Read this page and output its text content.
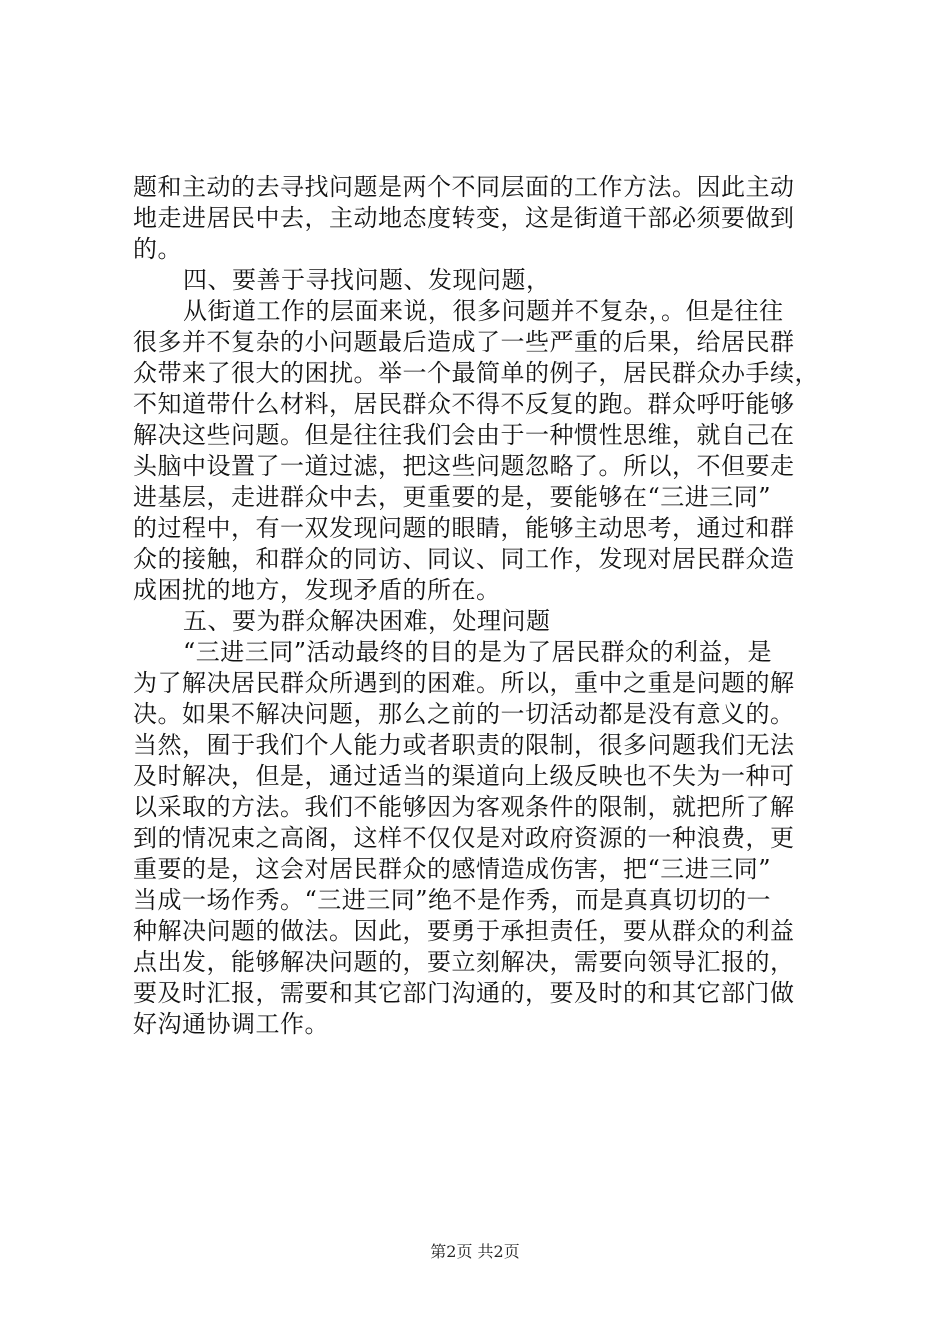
题和主动的去寻找问题是两个不同层面的工作方法。因此主动
地走进居民中去，主动地态度转变，这是街道干部必须要做到
的。
四、要善于寻找问题、发现问题，
从街道工作的层面来说，很多问题并不复杂，。但是往往
很多并不复杂的小问题最后造成了一些严重的后果，给居民群
众带来了很大的困扰。举一个最简单的例子，居民群众办手续，
不知道带什么材料，居民群众不得不反复的跑。群众呼吁能够
解决这些问题。但是往往我们会由于一种惯性思维，就自己在
头脑中设置了一道过滤，把这些问题忽略了。所以，不但要走
进基层，走进群众中去，更重要的是，要能够在“三进三同”
的过程中，有一双发现问题的眼睛，能够主动思考，通过和群
众的接触，和群众的同访、同议、同工作，发现对居民群众造
成困扰的地方，发现矛盾的所在。
五、要为群众解决困难，处理问题
“三进三同”活动最终的目的是为了居民群众的利益，是
为了解决居民群众所遇到的困难。所以，重中之重是问题的解
决。如果不解决问题，那么之前的一切活动都是没有意义的。
当然，囿于我们个人能力或者职责的限制，很多问题我们无法
及时解决，但是，通过适当的渠道向上级反映也不失为一种可
以采取的方法。我们不能够因为客观条件的限制，就把所了解
到的情况束之高阁，这样不仅仅是对政府资源的一种浪费，更
重要的是，这会对居民群众的感情造成伤害，把“三进三同”
当成一场作秀。“三进三同”绝不是作秀，而是真真切切的一
种解决问题的做法。因此，要勇于承担责任，要从群众的利益
点出发，能够解决问题的，要立刻解决，需要向领导汇报的，
要及时汇报，需要和其它部门沟通的，要及时的和其它部门做
好沟通协调工作。
第2页 共2页
